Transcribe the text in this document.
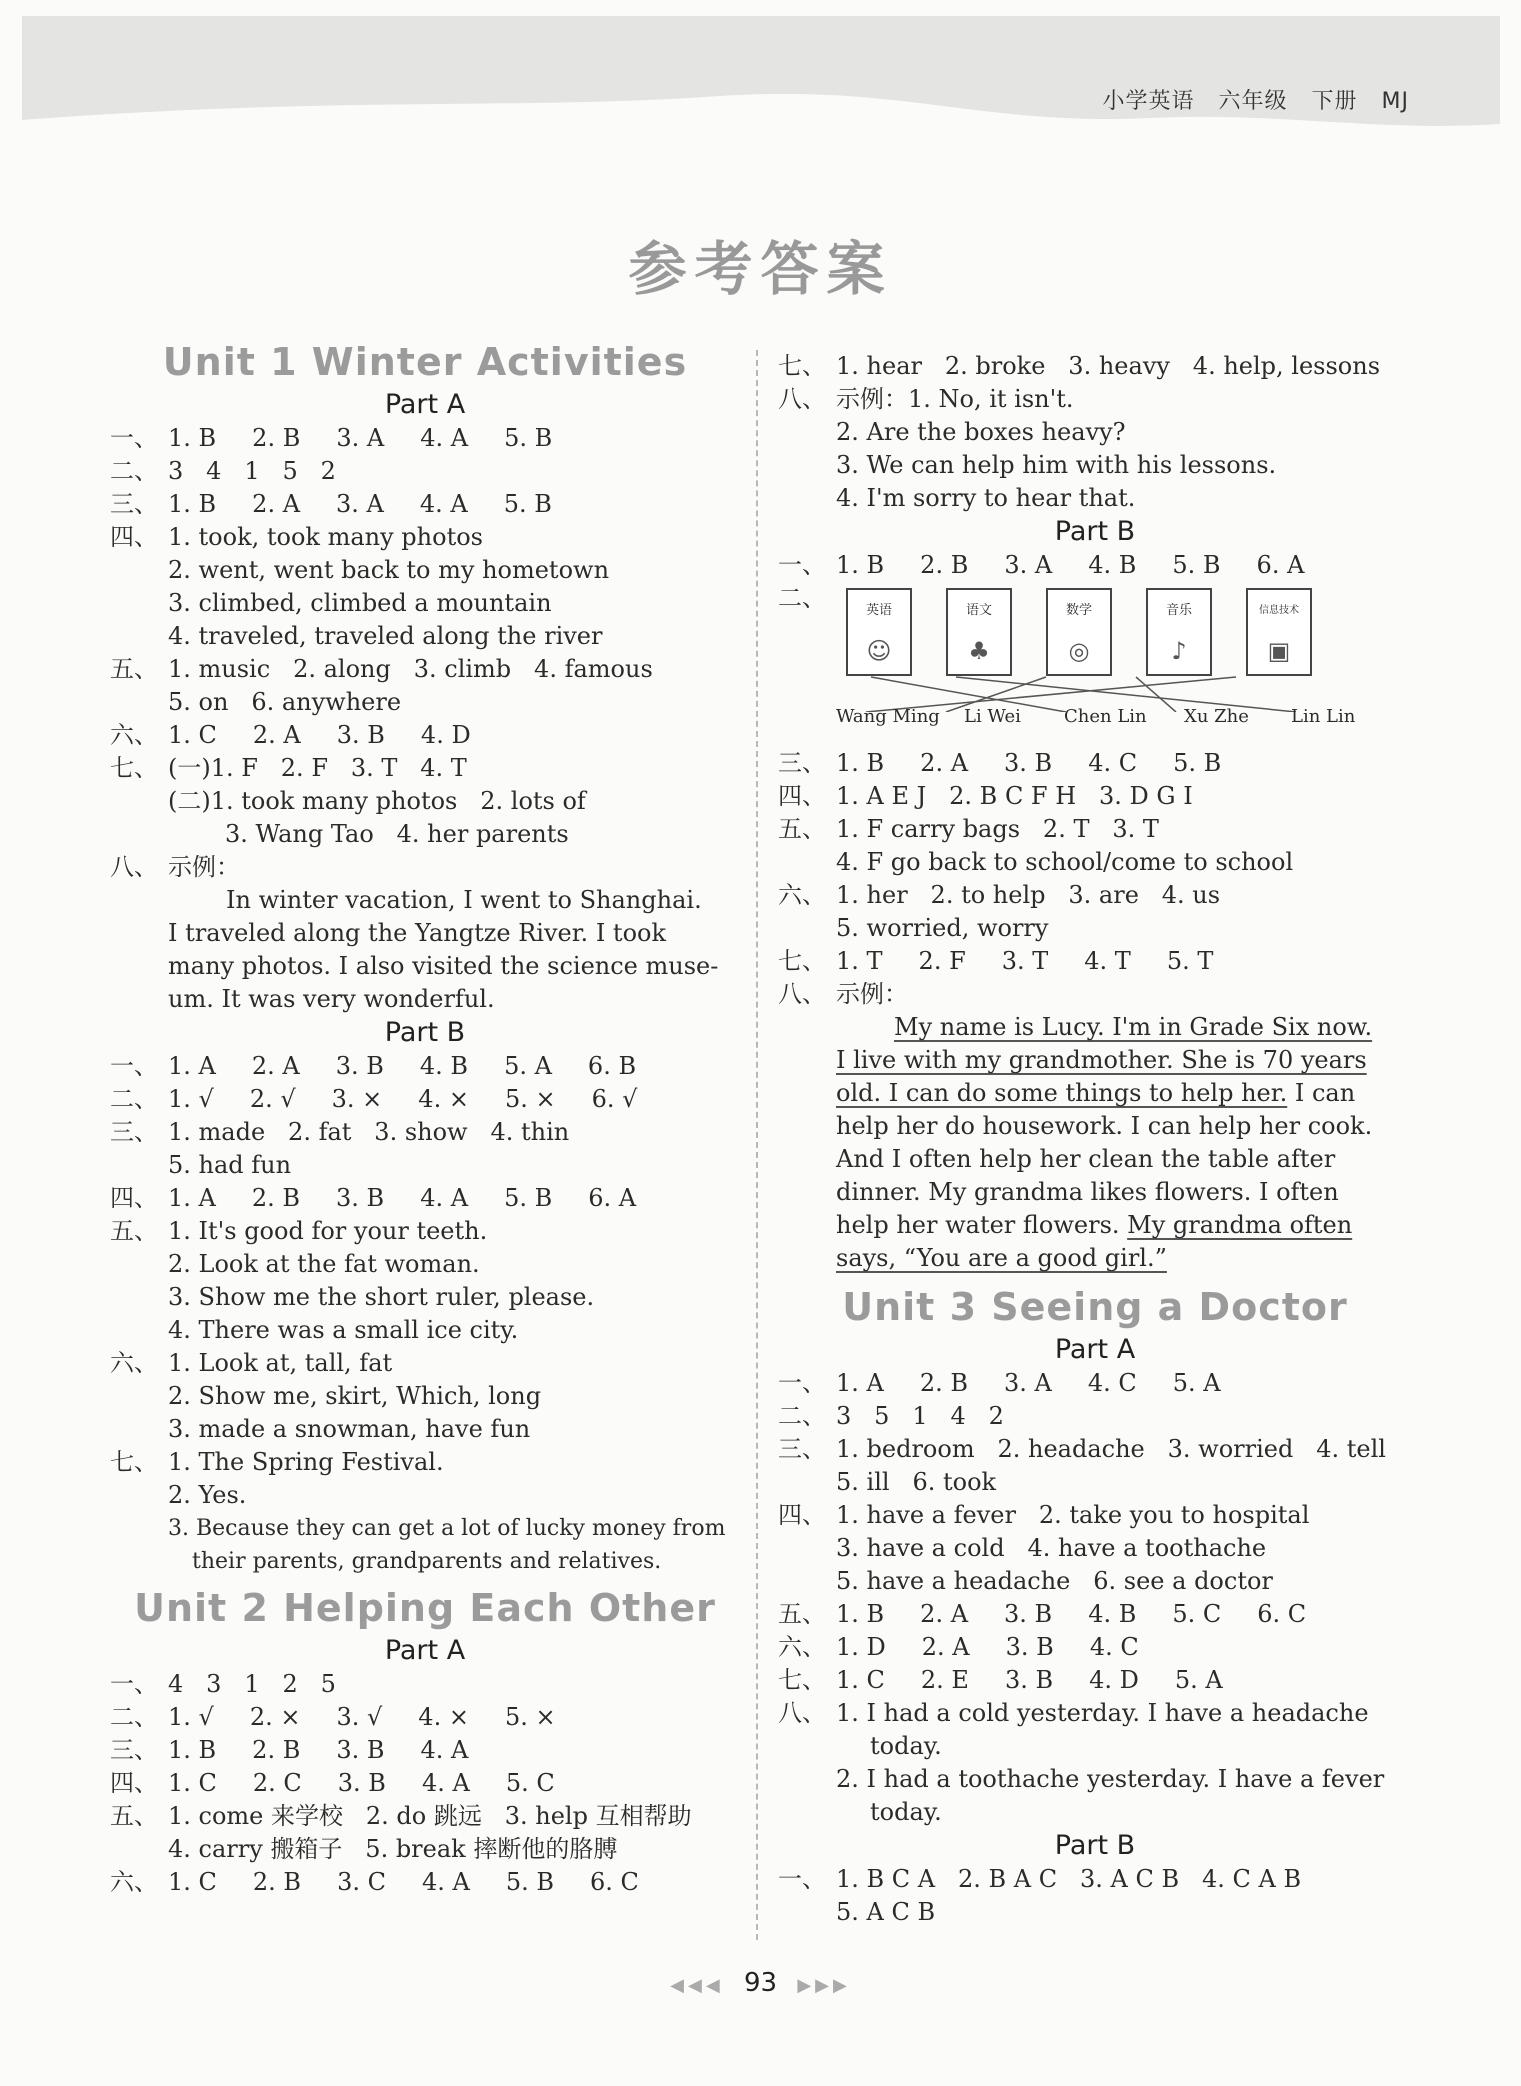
小学英语 六年级 下册 MJ
参考答案
Unit 1 Winter Activities
Part A
一、 1. B 2. B 3. A 4. A 5. B
二、 3   4   1   5   2
三、 1. B 2. A 3. A 4. A 5. B
四、 1. took, took many photos
2. went, went back to my hometown
3. climbed, climbed a mountain
4. traveled, traveled along the river
五、 1. music   2. along   3. climb   4. famous
5. on   6. anywhere
六、 1. C 2. A 3. B 4. D
七、 (一)1. F   2. F   3. T   4. T
(二)1. took many photos   2. lots of
3. Wang Tao   4. her parents
八、 示例：
In winter vacation, I went to Shanghai.
I traveled along the Yangtze River. I took
many photos. I also visited the science muse-
um. It was very wonderful.
Part B
一、 1. A 2. A 3. B 4. B 5. A 6. B
二、 1. √ 2. √ 3. × 4. × 5. × 6. √
三、 1. made   2. fat   3. show   4. thin
5. had fun
四、 1. A 2. B 3. B 4. A 5. B 6. A
五、 1. It's good for your teeth.
2. Look at the fat woman.
3. Show me the short ruler, please.
4. There was a small ice city.
六、 1. Look at, tall, fat
2. Show me, skirt, Which, long
3. made a snowman, have fun
七、 1. The Spring Festival.
2. Yes.
3. Because they can get a lot of lucky money from
their parents, grandparents and relatives.
Unit 2 Helping Each Other
Part A
一、 4   3   1   2   5
二、 1. √ 2. × 3. √ 4. × 5. ×
三、 1. B 2. B 3. B 4. A
四、 1. C 2. C 3. B 4. A 5. C
五、 1. come 来学校   2. do 跳远   3. help 互相帮助
4. carry 搬箱子   5. break 摔断他的胳膊
六、 1. C 2. B 3. C 4. A 5. B 6. C
七、 1. hear   2. broke   3. heavy   4. help, lessons
八、 示例： 1. No, it isn't.
2. Are the boxes heavy?
3. We can help him with his lessons.
4. I'm sorry to hear that.
Part B
一、 1. B 2. B 3. A 4. B 5. B 6. A
二、	英语
☺
语文
♣
数学
◎
音乐
♪
信息技术
▣
Wang Ming Li Wei Chen Lin Xu Zhe Lin Lin
三、 1. B 2. A 3. B 4. C 5. B
四、 1. A E J   2. B C F H   3. D G I
五、 1. F carry bags   2. T   3. T
4. F go back to school/come to school
六、 1. her   2. to help   3. are   4. us
5. worried, worry
七、 1. T 2. F 3. T 4. T 5. T
八、 示例：
My name is Lucy. I'm in Grade Six now.
I live with my grandmother. She is 70 years
old. I can do some things to help her. I can
help her do housework. I can help her cook.
And I often help her clean the table after
dinner. My grandma likes flowers. I often
help her water flowers. My grandma often
says, “You are a good girl.”
Unit 3 Seeing a Doctor
Part A
一、 1. A 2. B 3. A 4. C 5. A
二、 3   5   1   4   2
三、 1. bedroom   2. headache   3. worried   4. tell
5. ill   6. took
四、 1. have a fever   2. take you to hospital
3. have a cold   4. have a toothache
5. have a headache   6. see a doctor
五、 1. B 2. A 3. B 4. B 5. C 6. C
六、 1. D 2. A 3. B 4. C
七、 1. C 2. E 3. B 4. D 5. A
八、 1. I had a cold yesterday. I have a headache
today.
2. I had a toothache yesterday. I have a fever
today.
Part B
一、 1. B C A   2. B A C   3. A C B   4. C A B
5. A C B
◀◀◀ 93 ▶▶▶
